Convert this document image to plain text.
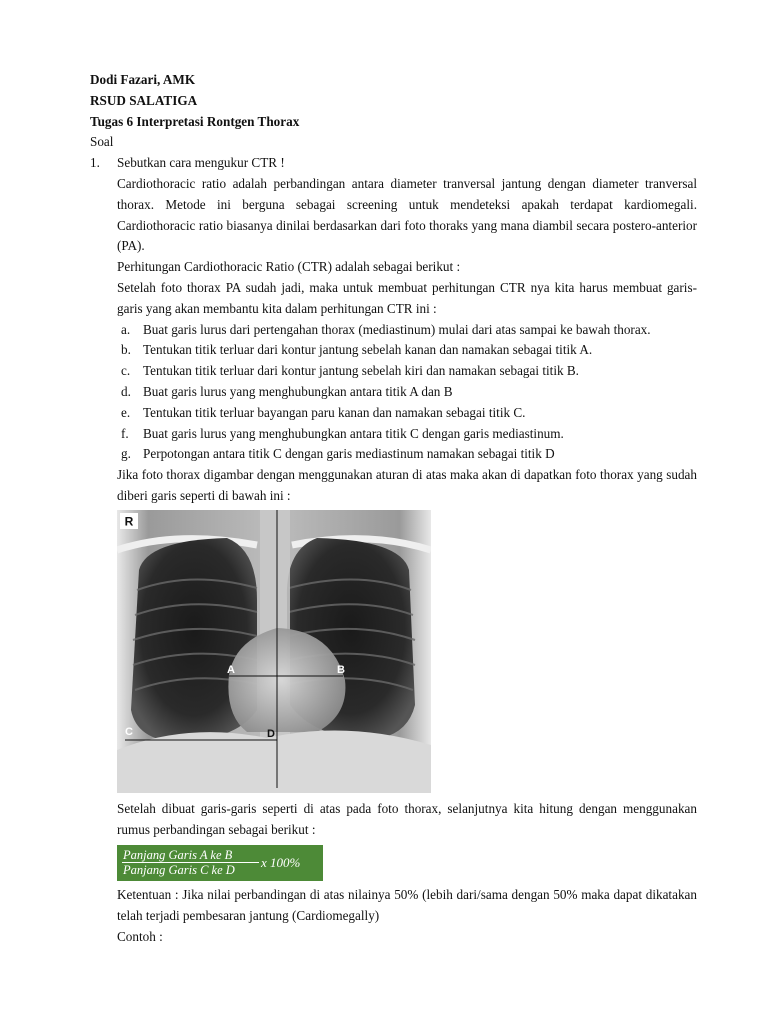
Dodi Fazari, AMK
RSUD SALATIGA
Tugas 6 Interpretasi Rontgen Thorax
Soal
1. Sebutkan cara mengukur CTR !
Cardiothoracic ratio adalah perbandingan antara diameter tranversal jantung dengan diameter tranversal thorax. Metode ini berguna sebagai screening untuk mendeteksi apakah terdapat kardiomegali. Cardiothoracic ratio biasanya dinilai berdasarkan dari foto thoraks yang mana diambil secara postero-anterior (PA).
Perhitungan Cardiothoracic Ratio (CTR) adalah sebagai berikut :
Setelah foto thorax PA sudah jadi, maka untuk membuat perhitungan CTR nya kita harus membuat garis-garis yang akan membantu kita dalam perhitungan CTR ini :
a. Buat garis lurus dari pertengahan thorax (mediastinum) mulai dari atas sampai ke bawah thorax.
b. Tentukan titik terluar dari kontur jantung sebelah kanan dan namakan sebagai titik A.
c. Tentukan titik terluar dari kontur jantung sebelah kiri dan namakan sebagai titik B.
d. Buat garis lurus yang menghubungkan antara titik A dan B
e. Tentukan titik terluar bayangan paru kanan dan namakan sebagai titik C.
f. Buat garis lurus yang menghubungkan antara titik C dengan garis mediastinum.
g. Perpotongan antara titik C dengan garis mediastinum namakan sebagai titik D
Jika foto thorax digambar dengan menggunakan aturan di atas maka akan di dapatkan foto thorax yang sudah diberi garis seperti di bawah ini :
R
A	B
C	D
Setelah dibuat garis-garis seperti di atas pada foto thorax, selanjutnya kita hitung dengan menggunakan rumus perbandingan sebagai berikut :
Panjang Garis A ke B
Panjang Garis C ke D x 100%
Ketentuan : Jika nilai perbandingan di atas nilainya 50% (lebih dari/sama dengan 50% maka dapat dikatakan telah terjadi pembesaran jantung (Cardiomegally)
Contoh :
